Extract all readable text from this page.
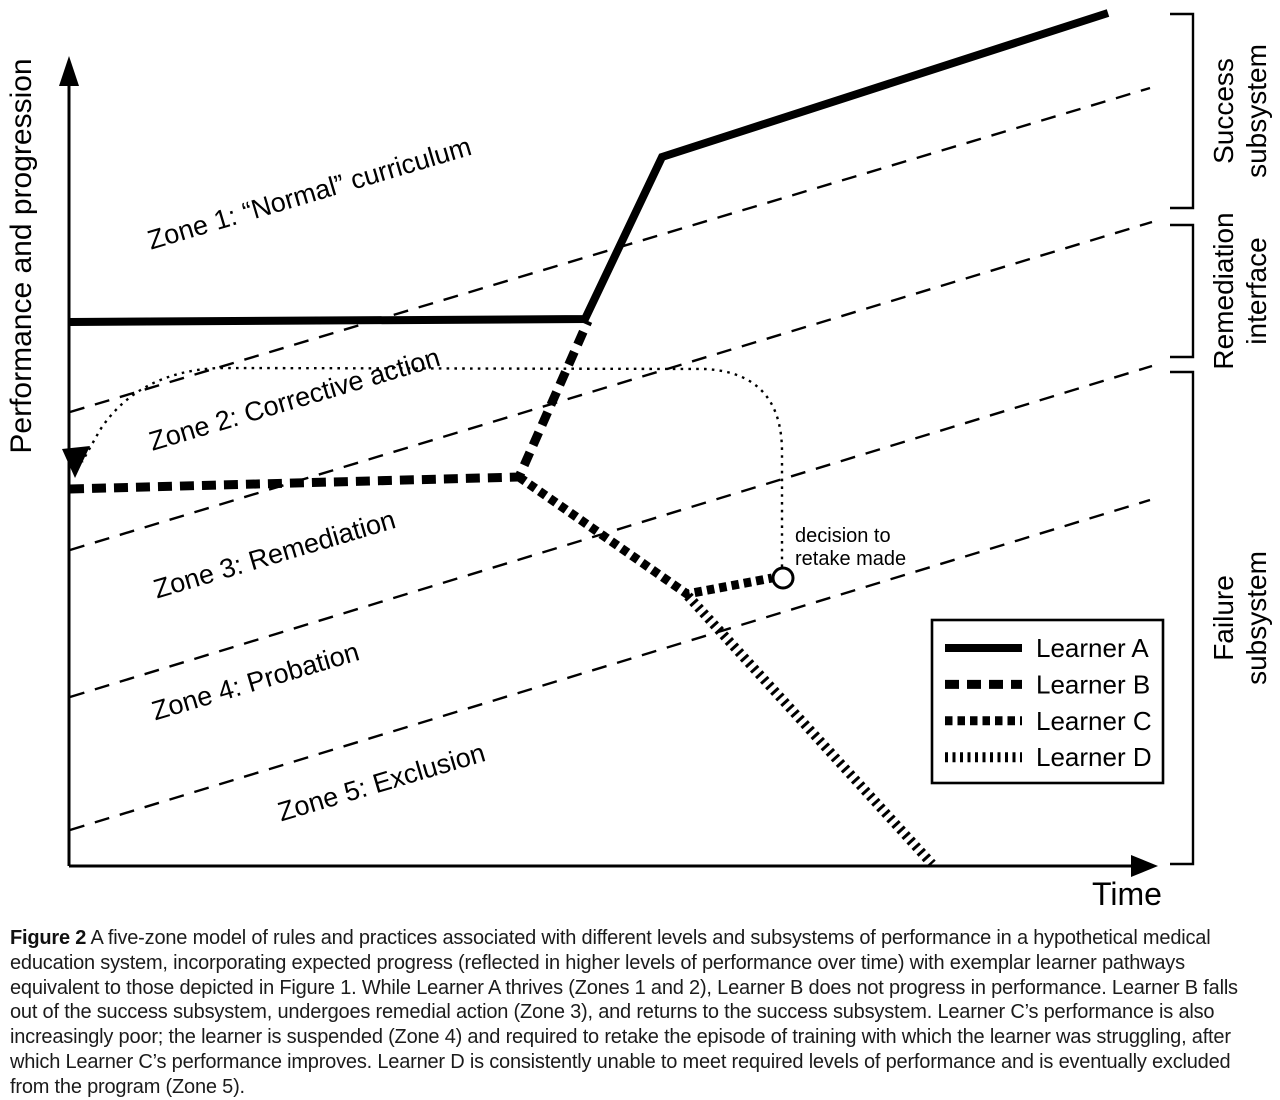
Zone 1: “Normal” curriculum
Zone 2: Corrective action
Zone 3: Remediation
Zone 4: Probation
Zone 5: Exclusion
decision to
retake made
Performance and progression
Time
Successsubsystem
Remediationinterface
Failuresubsystem
Learner A
Learner B
Learner C
Learner D
Figure 2 A five-zone model of rules and practices associated with different levels and subsystems of performance in a hypothetical medical education system, incorporating expected progress (reflected in higher levels of performance over time) with exemplar learner pathways equivalent to those depicted in Figure 1. While Learner A thrives (Zones 1 and 2), Learner B does not progress in performance. Learner B falls out of the success subsystem, undergoes remedial action (Zone 3), and returns to the success subsystem. Learner C’s performance is also increasingly poor; the learner is suspended (Zone 4) and required to retake the episode of training with which the learner was struggling, after which Learner C’s performance improves. Learner D is consistently unable to meet required levels of performance and is eventually excluded from the program (Zone 5).
